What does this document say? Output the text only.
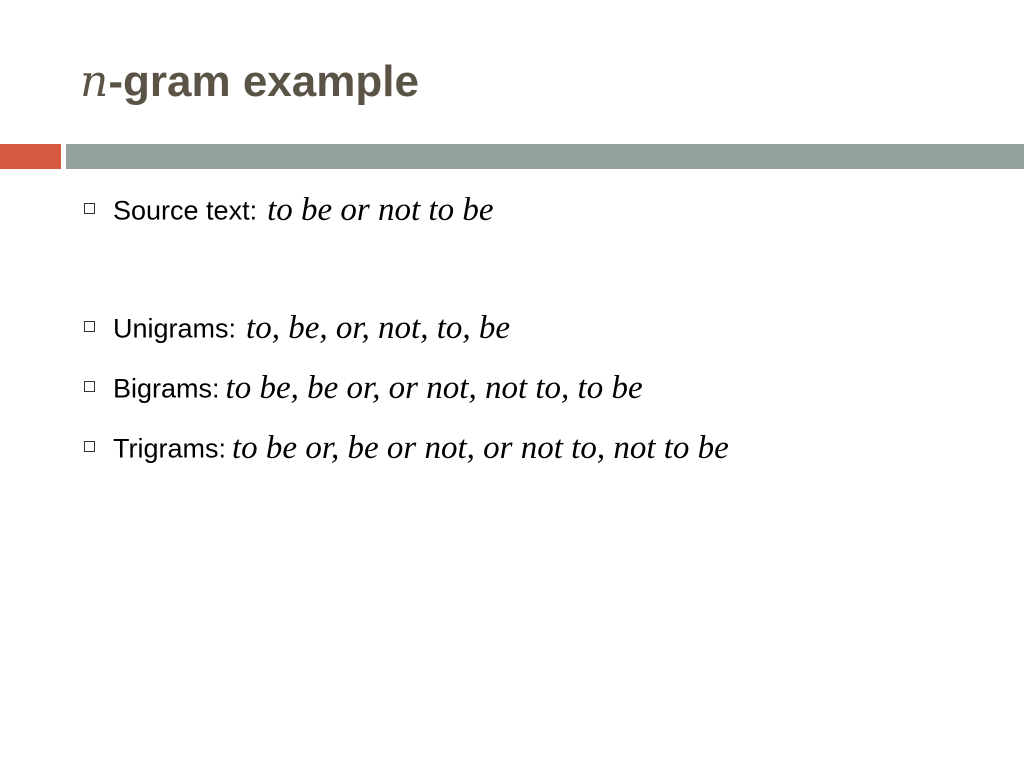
n-gram example
Source text: to be or not to be
Unigrams: to, be, or, not, to, be
Bigrams: to be, be or, or not, not to, to be
Trigrams: to be or, be or not, or not to, not to be
